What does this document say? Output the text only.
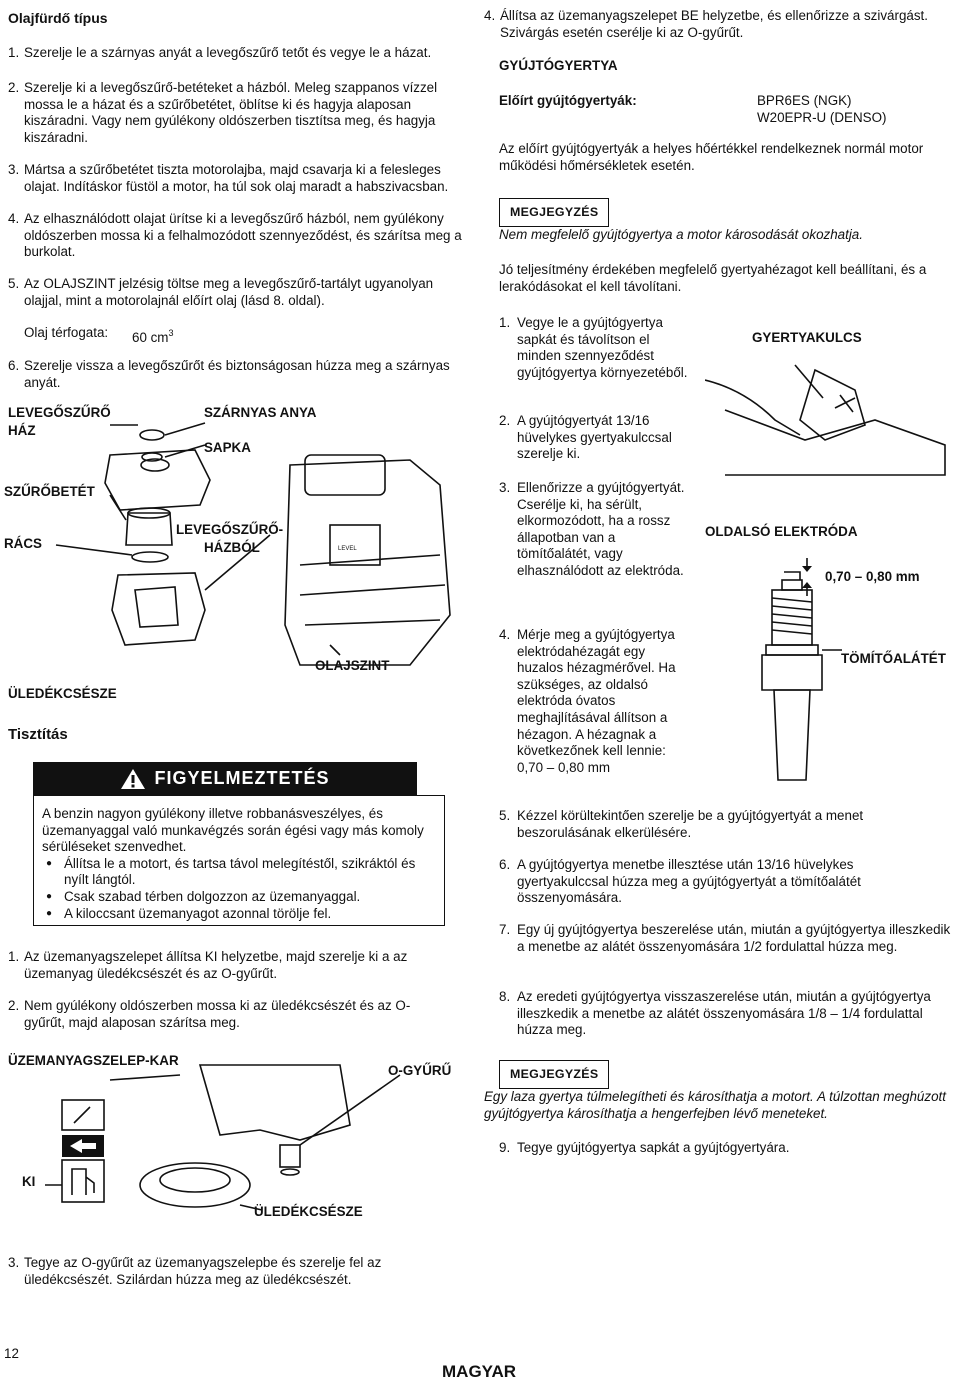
Olajfürdő típus
1. Szerelje le a szárnyas anyát a levegőszűrő tetőt és vegye le a házat.
2. Szerelje ki a levegőszűrő-betéteket a házból. Meleg szappanos vízzel mossa le a házat és a szűrőbetétet, öblítse ki és hagyja alaposan kiszáradni. Vagy nem gyúlékony oldószerben tisztítsa meg, és hagyja kiszáradni.
3. Mártsa a szűrőbetétet tiszta motorolajba, majd csavarja ki a felesleges olajat. Indításkor füstöl a motor, ha túl sok olaj maradt a habszivacsban.
4. Az elhasználódott olajat ürítse ki a levegőszűrő házból, nem gyúlékony oldószerben mossa ki a felhalmozódott szennyeződést, és szárítsa meg a burkolat.
5. Az OLAJSZINT jelzésig töltse meg a levegőszűrő-tartályt ugyanolyan olajjal, mint a motorolajnál előírt olaj (lásd 8. oldal).
Olaj térfogata: 60 $cm^3$
6. Szerelje vissza a levegőszűrőt és biztonságosan húzza meg a szárnyas anyát.
LEVEL
LEVEGŐSZŰRŐ
HÁZ
SZÁRNYAS ANYA
SAPKA
SZŰRŐBETÉT
RÁCS
LEVEGŐSZŰRŐ-
HÁZBÓL
OLAJSZINT
ÜLEDÉKCSÉSZE
Tisztítás
FIGYELMEZTETÉS
A benzin nagyon gyúlékony illetve robbanásveszélyes, és üzemanyaggal való munkavégzés során égési vagy más komoly sérüléseket szenvedhet.
● Állítsa le a motort, és tartsa távol melegítéstől, szikráktól és nyílt lángtól.
● Csak szabad térben dolgozzon az üzemanyaggal.
● A kiloccsant üzemanyagot azonnal törölje fel.
1. Az üzemanyagszelepet állítsa KI helyzetbe, majd szerelje ki a az üzemanyag üledékcsészét és az O-gyűrűt.
2. Nem gyúlékony oldószerben mossa ki az üledékcsészét és az O-gyűrűt, majd alaposan szárítsa meg.
ÜZEMANYAGSZELEP-KAR
O-GYŰRŰ
KI
ÜLEDÉKCSÉSZE
3. Tegye az O-gyűrűt az üzemanyagszelepbe és szerelje fel az üledékcsészét. Szilárdan húzza meg az üledékcsészét.
4. Állítsa az üzemanyagszelepet BE helyzetbe, és ellenőrizze a szivárgást. Szivárgás esetén cserélje ki az O-gyűrűt.
GYÚJTÓGYERTYA
Előírt gyújtógyertyák:	BPR6ES (NGK)
W20EPR-U (DENSO)
Az előírt gyújtógyertyák a helyes hőértékkel rendelkeznek normál motor működési hőmérsékletek esetén.
MEGJEGYZÉS
Nem megfelelő gyújtógyertya a motor károsodását okozhatja.
Jó teljesítmény érdekében megfelelő gyertyahézagot kell beállítani, és a lerakódásokat el kell távolítani.
1. Vegye le a gyújtógyertya sapkát és távolítson el minden szennyeződést gyújtógyertya környezetéből.
2. A gyújtógyertyát 13/16 hüvelykes gyertyakulccsal szerelje ki.
3. Ellenőrizze a gyújtógyertyát. Cserélje ki, ha sérült, elkormozódott, ha a rossz állapotban van a tömítőalátét, vagy elhasználódott az elektróda.
4. Mérje meg a gyújtógyertya elektródahézagát egy huzalos hézagmérővel. Ha szükséges, az oldalsó elektróda óvatos meghajlításával állítson a hézagon. A hézagnak a következőnek kell lennie: 0,70 – 0,80 mm
GYERTYAKULCS
OLDALSÓ ELEKTRÓDA
0,70 – 0,80 mm
TÖMÍTŐALÁTÉT
5. Kézzel körültekintően szerelje be a gyújtógyertyát a menet beszorulásának elkerülésére.
6. A gyújtógyertya menetbe illesztése után 13/16 hüvelykes gyertyakulccsal húzza meg a gyújtógyertyát a tömítőalátét összenyomására.
7. Egy új gyújtógyertya beszerelése után, miután a gyújtógyertya illeszkedik a menetbe az alátét összenyomására 1/2 fordulattal húzza meg.
8. Az eredeti gyújtógyertya visszaszerelése után, miután a gyújtógyertya illeszkedik a menetbe az alátét összenyomására 1/8 – 1/4 fordulattal húzza meg.
MEGJEGYZÉS
Egy laza gyertya túlmelegítheti és károsíthatja a motort. A túlzottan meghúzott gyújtógyertya károsíthatja a hengerfejben lévő meneteket.
9. Tegye gyújtógyertya sapkát a gyújtógyertyára.
12
MAGYAR
